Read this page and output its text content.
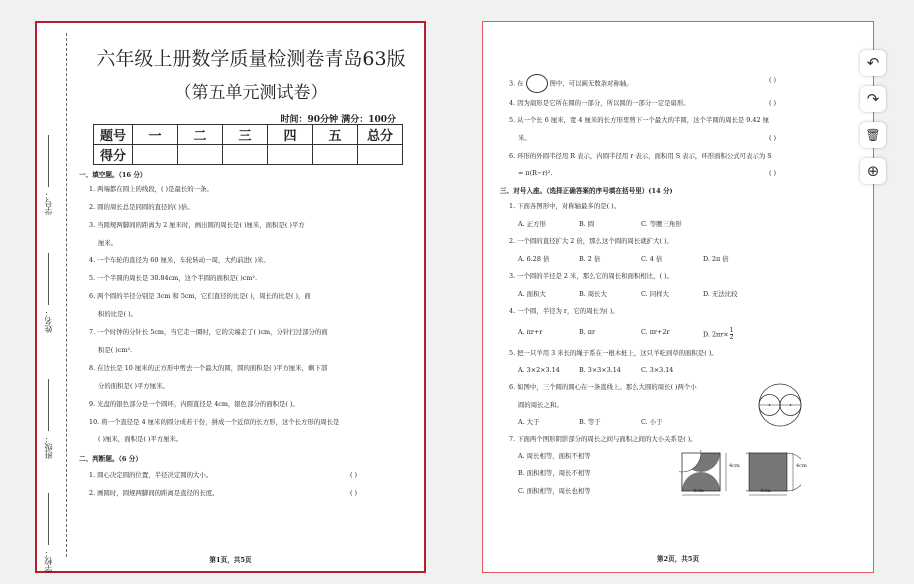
学号：
姓名：
班级：
学校：
六年级上册数学质量检测卷青岛63版
（第五单元测试卷）
时间：90分钟 满分：100分
题号	一	二	三	四	五	总分
得分						
一、填空题。（16 分）
1. 两端都在圆上的线段，( )是最长的一条。
2. 圆的周长总是同圆的直径的( )倍。
3. 当圆规两脚间的距离为 2 厘米时，画出圆的周长是( )厘米，面积是( )平方
厘米。
4. 一个车轮的直径为 60 厘米，车轮转动一周，大约前进( )米。
5. 一个半圆的周长是 30.84cm，这个半圆的面积是( )cm².
6. 两个圆的半径分别是 3cm 和 5cm，它们直径的比是( )，周长的比是( )，面
积的比是( )。
7. 一个时钟的分针长 5cm，当它走一圈时，它的尖端走了( )cm，分针扫过部分的面
积是( )cm².
8. 在边长是 10 厘米的正方形中剪去一个最大的圆，圆的面积是( )平方厘米，剩下部
分的面积是( )平方厘米。
9. 光盘的银色部分是一个圆环，内圆直径是 4cm，银色部分的面积是( )。
10. 将一个直径是 4 厘米的圆分成若干份，拼成一个近似的长方形，这个长方形的周长是
( )厘米，面积是( )平方厘米。
二、判断题。（6 分）
1. 圆心决定圆的位置，半径决定圆的大小。	( )
2. 画圆时，圆规两脚间的距离是直径的长度。	( )
第1页，共5页
3. 在	图中，可以画无数条对称轴。	( )
4. 因为扇形是它所在圆的一部分，所以圆的一部分一定是扇形。	( )
5. 从一个长 6 厘米，宽 4 厘米的长方形里剪下一个最大的半圆，这个半圆的周长是 9.42 厘
米。	( )
6. 环形的外圆半径用 R 表示，内圆半径用 r 表示，面积用 S 表示，环形面积公式可表示为 S
= π(R−r)².	( )
三、对号入座。（选择正确答案的序号填在括号里）(14 分)
1. 下面各图形中，对称轴最多的是( )。
A. 正方形	B. 圆	C. 等腰三角形
2. 一个圆的直径扩大 2 倍，那么这个圆的周长就扩大( )。
A. 6.28 倍	B. 2 倍	C. 4 倍	D. 2π 倍
3. 一个圆的半径是 2 米，那么它的周长和面积相比，( )。
A. 面积大	B. 周长大	C. 同样大	D. 无法比较
4. 一个圆，半径为 r，它的周长为( )。
A. πr+r	B. πr	C. πr+2r	D. $2\pi r\times \frac{1}{2}$
5. 把一只羊用 3 米长的绳子系在一根木桩上，这只羊吃到草的面积是( )。
A. 3×2×3.14	B. 3×3×3.14	C. 3×3.14
6. 如图中，三个圆的圆心在一条直线上。那么大圆的周长( )两个小
圆的周长之和。
A. 大于	B. 等于	C. 小于
7. 下面两个图形阴影部分的周长之间与面积之间的大小关系是( )。
A. 周长相等，面积不相等
B. 面积相等，周长不相等
C. 面积相等，周长也相等	4cm
4cm
4cm
4cm
第2页，共5页
↶
↷
🗑
⊕
